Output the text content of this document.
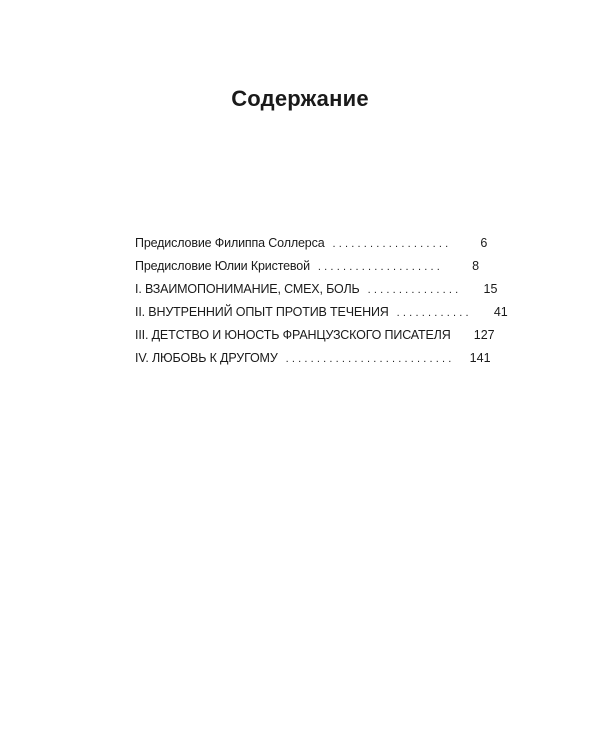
Содержание
Предисловие Филиппа Соллерса ...................	6
Предисловие Юлии Кристевой ....................	8
I. ВЗАИМОПОНИМАНИЕ, СМЕХ, БОЛЬ ...............	15
II. ВНУТРЕННИЙ ОПЫТ ПРОТИВ ТЕЧЕНИЯ ............	41
III. ДЕТСТВО И ЮНОСТЬ ФРАНЦУЗСКОГО ПИСАТЕЛЯ	127
IV. ЛЮБОВЬ К ДРУГОМУ ...........................	141
